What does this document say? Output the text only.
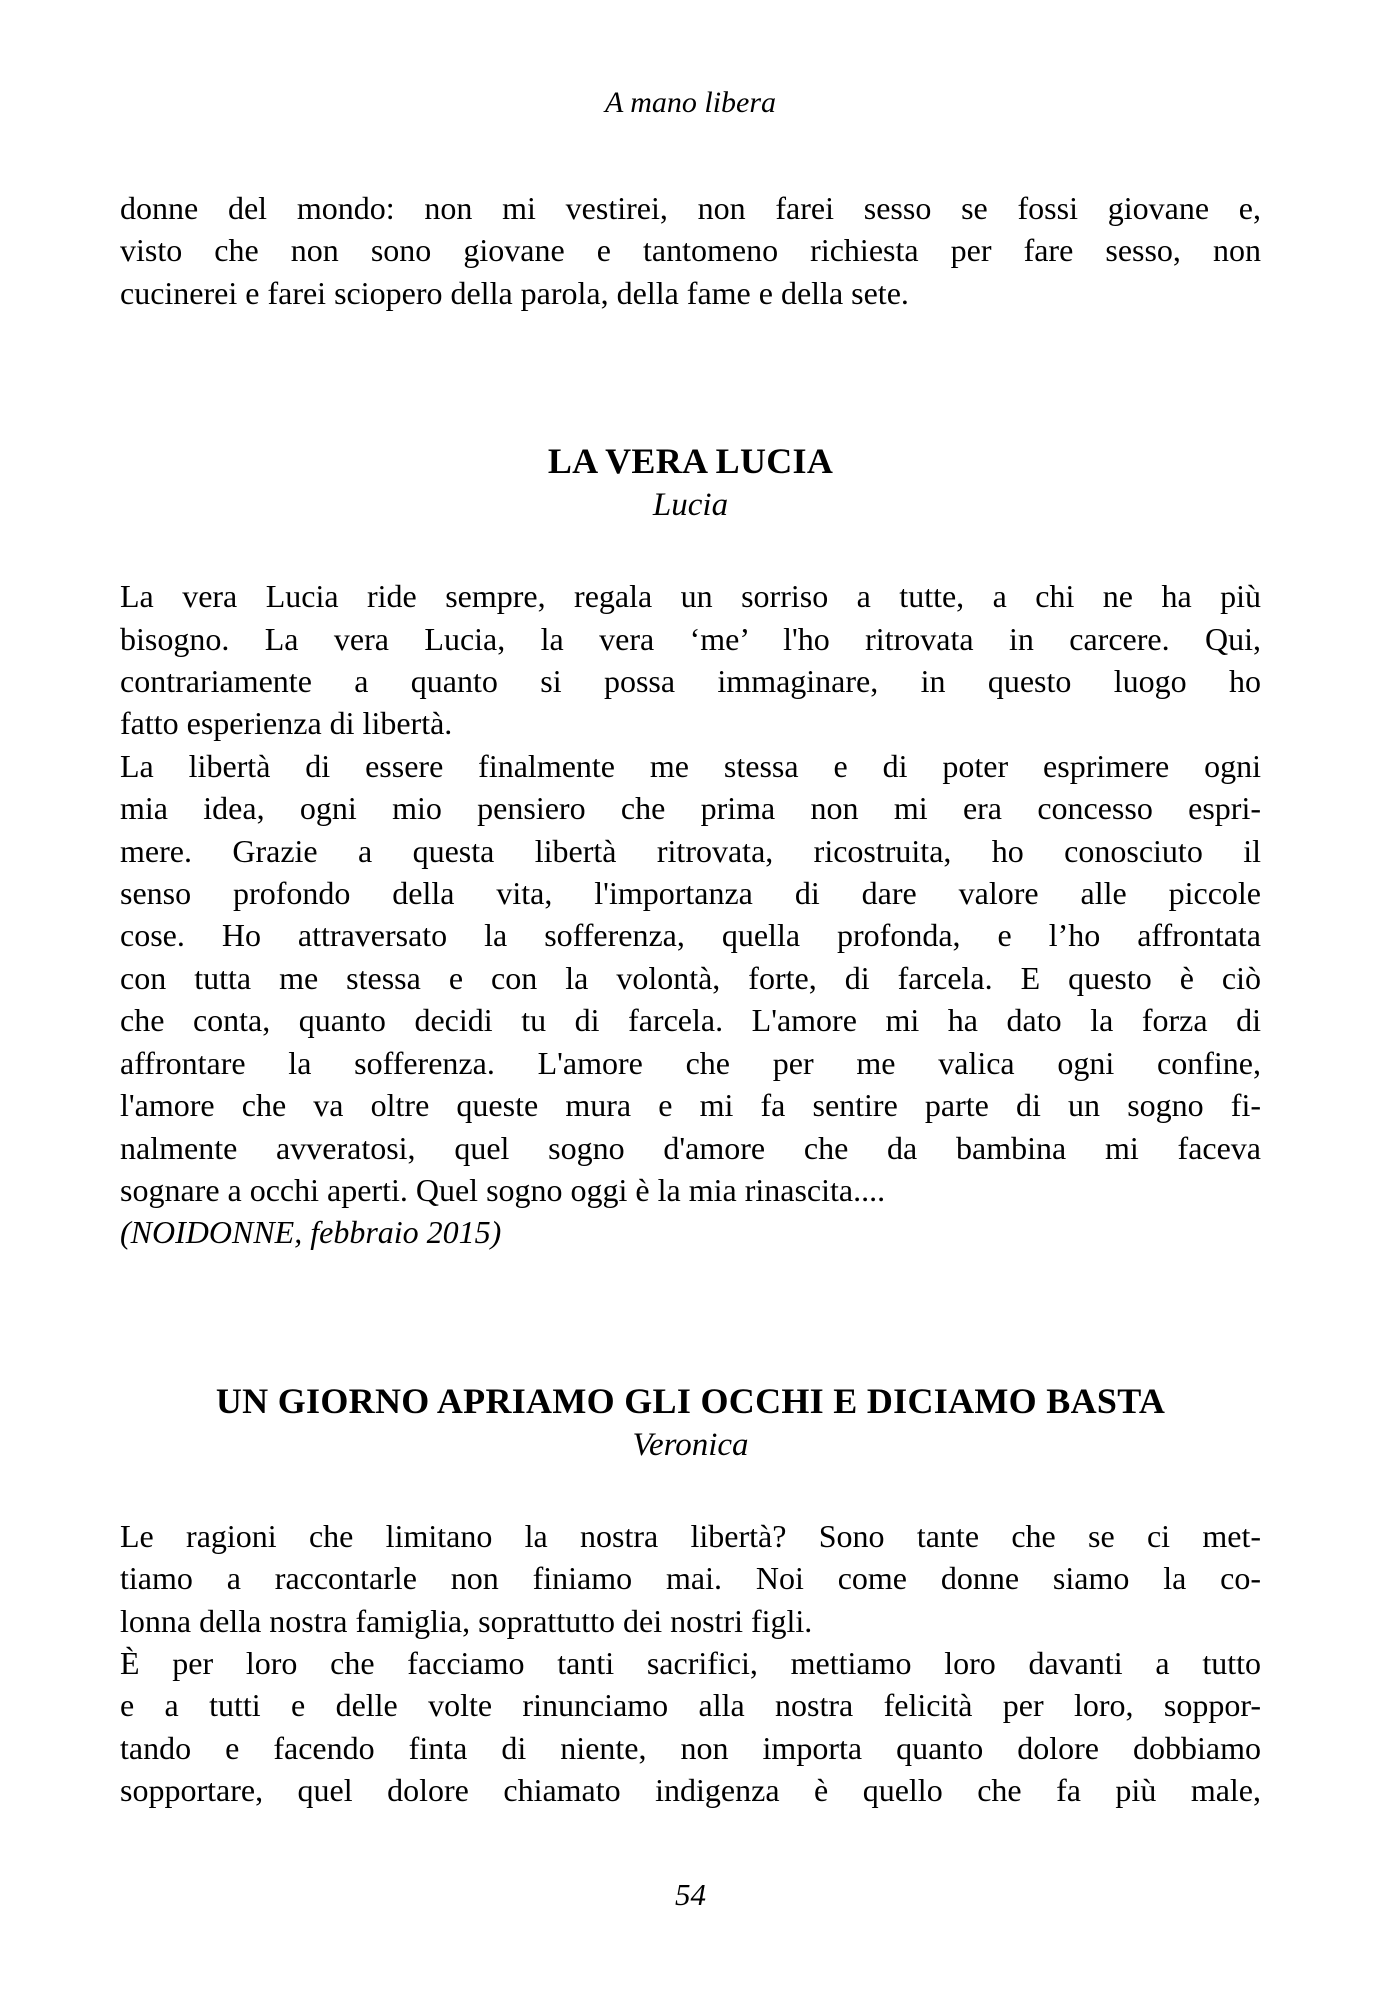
A mano libera
donne del mondo: non mi vestirei, non farei sesso se fossi giovane e,
visto che non sono giovane e tantomeno richiesta per fare sesso, non
cucinerei e farei sciopero della parola, della fame e della sete.
LA VERA LUCIA
Lucia
La vera Lucia ride sempre, regala un sorriso a tutte, a chi ne ha più
bisogno. La vera Lucia, la vera ‘me’ l'ho ritrovata in carcere. Qui,
contrariamente a quanto si possa immaginare, in questo luogo ho
fatto esperienza di libertà.
La libertà di essere finalmente me stessa e di poter esprimere ogni
mia idea, ogni mio pensiero che prima non mi era concesso espri-
mere. Grazie a questa libertà ritrovata, ricostruita, ho conosciuto il
senso profondo della vita, l'importanza di dare valore alle piccole
cose. Ho attraversato la sofferenza, quella profonda, e l’ho affrontata
con tutta me stessa e con la volontà, forte, di farcela. E questo è ciò
che conta, quanto decidi tu di farcela. L'amore mi ha dato la forza di
affrontare la sofferenza. L'amore che per me valica ogni confine,
l'amore che va oltre queste mura e mi fa sentire parte di un sogno fi-
nalmente avveratosi, quel sogno d'amore che da bambina mi faceva
sognare a occhi aperti. Quel sogno oggi è la mia rinascita....
(NOIDONNE, febbraio 2015)
UN GIORNO APRIAMO GLI OCCHI E DICIAMO BASTA
Veronica
Le ragioni che limitano la nostra libertà? Sono tante che se ci met-
tiamo a raccontarle non finiamo mai. Noi come donne siamo la co-
lonna della nostra famiglia, soprattutto dei nostri figli.
È per loro che facciamo tanti sacrifici, mettiamo loro davanti a tutto
e a tutti e delle volte rinunciamo alla nostra felicità per loro, soppor-
tando e facendo finta di niente, non importa quanto dolore dobbiamo
sopportare, quel dolore chiamato indigenza è quello che fa più male,
54
